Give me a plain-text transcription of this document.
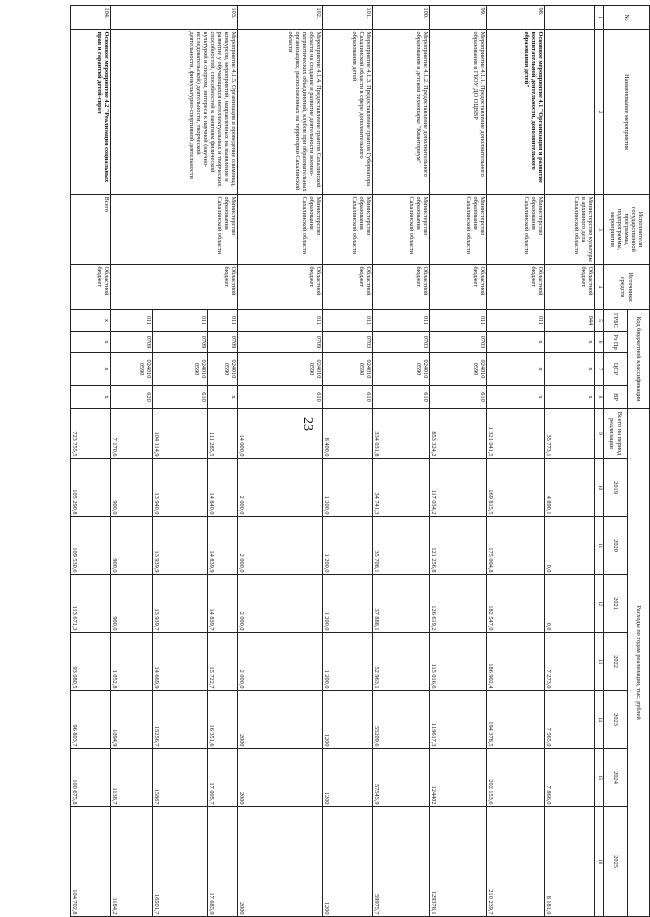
23
№	Наименование мероприятия	Исполнители государственной программы, подпрограммы, мероприятия	Источники средств	Код бюджетной классификации				Расходы по годам реализации, тыс. рублей							
				ГРБС	Рз Пр	ЦСР	ВР	Всего на период реализации	2019	2020	2021	2022	2023	2024	2025

1	2	3	4	5	6	7	8	9	10	11	12	13	14	15	16
		Министерство культуры и архивного дела Сахалинской области	Областной бюджет	044	x	x	x	35 773,1	4 890,1	0,0	0,0	7 273,0	7 565,0	7 866,0	8 181,0
98.	Основное мероприятие 4.1 "Организация и развитие воспитательной деятельности, дополнительного образования детей"	Министерство образования Сахалинской области	Областной бюджет	011	x	x	x	1 321 041,5	169 815,5	175 004,8	182 547,0	186 902,4	194 378,5	202 153,6	210 239,7
99.	Мероприятие 4.1.1. Предоставление дополнительного образования в ГБОУ ДО ОЦВВР	Министерство образования Сахалинской области	Областной бюджет	011	0703	024010 0590	610	853 324,2	117 034,2	121 256,8	126 619,2	115 016,6	119617,3	124402	129378,1
100.	Мероприятие 4.1.2. Предоставление дополнительного образования в детском технопарке "Кванториум"	Министерство образования Сахалинской области	Областной бюджет	011	0703	024010 0590	610	334 031,8	34 741,3	35 708,1	37 888,1	52 963,1	55209,6	57545,9	59975,7
101.	Мероприятие 4.1.3. Предоставление грантов Губернатора Сахалинской области в сфере дополнительного образования детей	Министерство образования Сахалинской области	Областной бюджет	011	0703	024010 0590	610	8 400,0	1 200,0	1 200,0	1 200,0	1 200,0	1200	1200	1200
102.	Мероприятие 4.1.4. Предоставление грантов Сахалинской области на создание и развитие деятельности военно-патриотических объединений, клубов при образовательных организациях, расположенных на территории Сахалинской области	Министерство образования Сахалинской области	Областной бюджет	011	0709	024010 0590	610	14 000,0	2 000,0	2 000,0	2 000,0	2 000,0	2000	2000	2000
103.	Мероприятие 4.1.5. Организация и проведение олимпиад, конкурсов, мероприятий, направленных на выявление и развитие у обучающихся интеллектуальных и творческих способностей, способностей к занятиям физической культурой и спортом, интереса к научной (научно-исследовательской) деятельности, творческой деятельности, физкультурно-спортивной деятельности	Министерство образования Сахалинской области	Областной бюджет	011	0709	024010 0590	x	111 285,5	14 840,0	14 839,9	14 839,7	15 722,7	16 351,6	17 005,7	17 685,9
				011	0709	024010 0590	610	104 114,9	13 940,0	13 939,9	13 939,7	14 669,9	15256,7	15867	16501,7
				011	0709	024010 0590	620	7 170,6	900,0	900,0	900,0	1 052,8	1094,9	1138,7	1184,2
104.	Основное мероприятие 4.2 "Реализация социальных прав и гарантий детей-сирот	Всего	Областной бюджет	x	x	x	x	723 755,5	105 290,8	109 530,6	113 671,3	93 080,5	96 803,7	100 675,8	104 702,8
